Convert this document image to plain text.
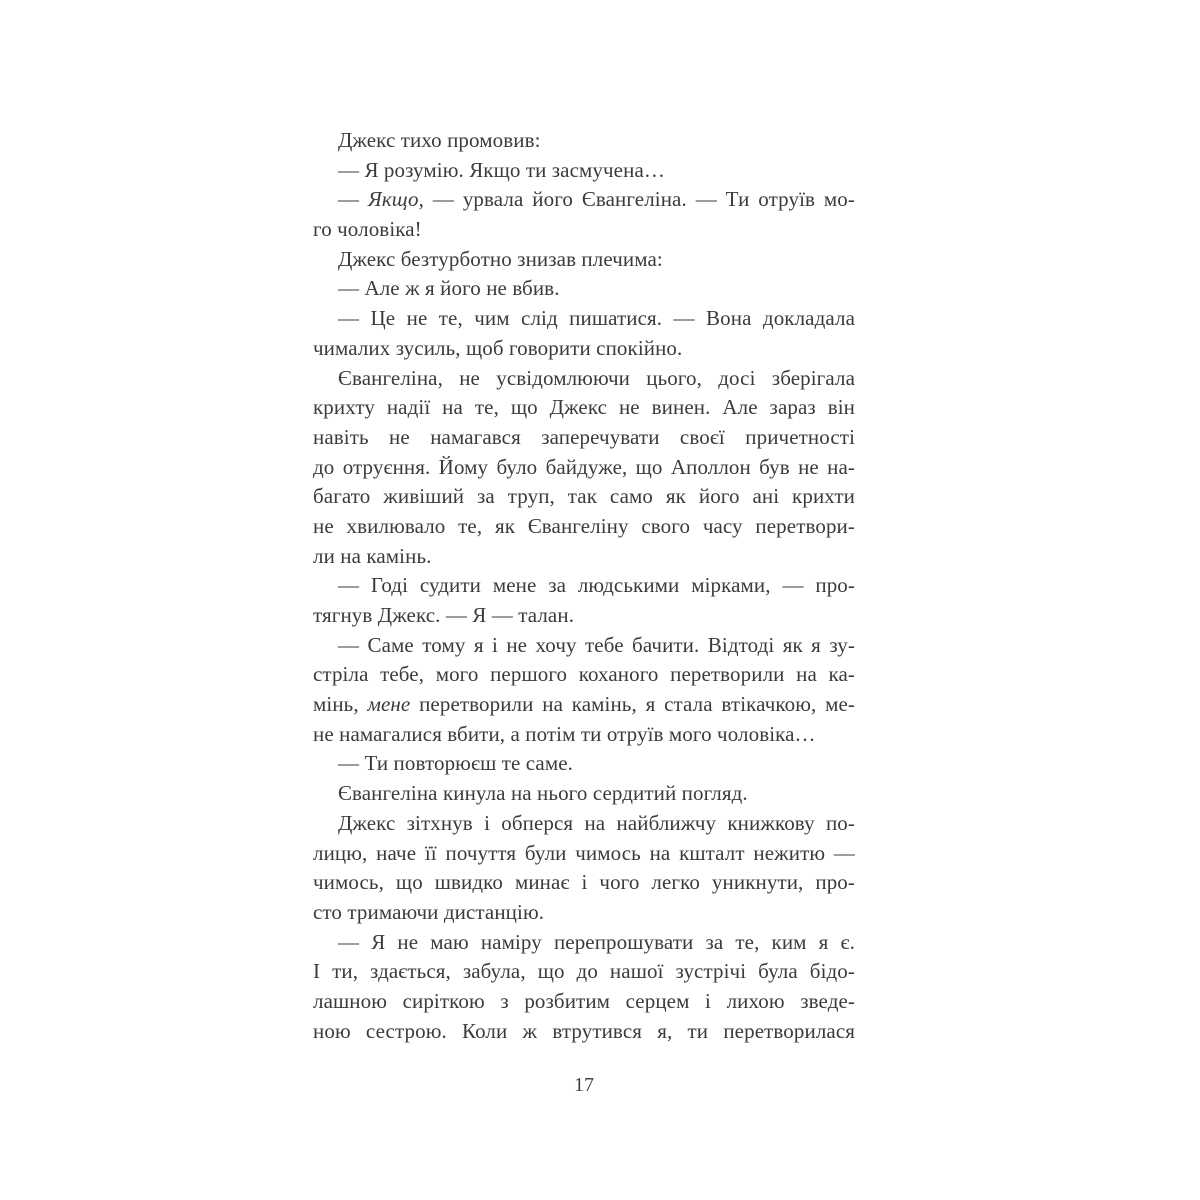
Джекс тихо промовив:
— Я розумію. Якщо ти засмучена…
— Якщо, — урвала його Євангеліна. — Ти отруїв мо-
го чоловіка!
Джекс безтурботно знизав плечима:
— Але ж я його не вбив.
— Це не те, чим слід пишатися. — Вона докладала
чималих зусиль, щоб говорити спокійно.
Євангеліна, не усвідомлюючи цього, досі зберігала
крихту надії на те, що Джекс не винен. Але зараз він
навіть не намагався заперечувати своєї причетності
до отруєння. Йому було байдуже, що Аполлон був не на-
багато живіший за труп, так само як його ані крихти
не хвилювало те, як Євангеліну свого часу перетвори-
ли на камінь.
— Годі судити мене за людськими мірками, — про-
тягнув Джекс. — Я — талан.
— Саме тому я і не хочу тебе бачити. Відтоді як я зу-
стріла тебе, мого першого коханого перетворили на ка-
мінь, мене перетворили на камінь, я стала втікачкою, ме-
не намагалися вбити, а потім ти отруїв мого чоловіка…
— Ти повторюєш те саме.
Євангеліна кинула на нього сердитий погляд.
Джекс зітхнув і обперся на найближчу книжкову по-
лицю, наче її почуття були чимось на кшталт нежитю —
чимось, що швидко минає і чого легко уникнути, про-
сто тримаючи дистанцію.
— Я не маю наміру перепрошувати за те, ким я є.
І ти, здається, забула, що до нашої зустрічі була бідо-
лашною сиріткою з розбитим серцем і лихою зведе-
ною сестрою. Коли ж втрутився я, ти перетворилася
17
